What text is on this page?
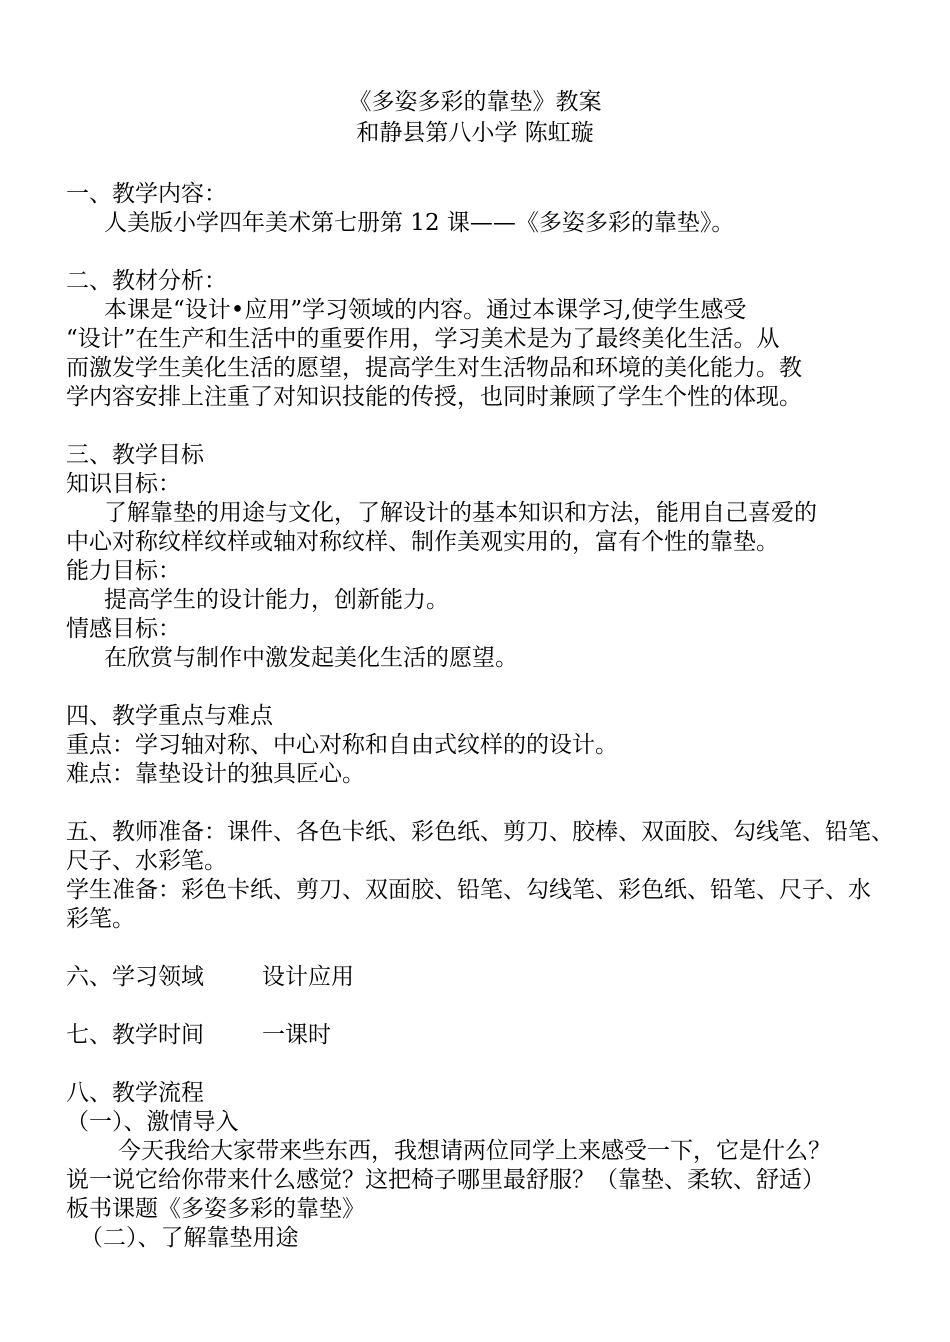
《多姿多彩的靠垫》教案
和静县第八小学 陈虹璇
一、教学内容：
人美版小学四年美术第七册第 12 课——《多姿多彩的靠垫》。
二、教材分析：
本课是“设计•应用”学习领域的内容。通过本课学习,使学生感受
“设计”在生产和生活中的重要作用，学习美术是为了最终美化生活。从
而激发学生美化生活的愿望，提高学生对生活物品和环境的美化能力。教
学内容安排上注重了对知识技能的传授，也同时兼顾了学生个性的体现。
三、教学目标
知识目标：
了解靠垫的用途与文化，了解设计的基本知识和方法，能用自己喜爱的
中心对称纹样纹样或轴对称纹样、制作美观实用的，富有个性的靠垫。
能力目标：
提高学生的设计能力，创新能力。
情感目标：
在欣赏与制作中激发起美化生活的愿望。
四、教学重点与难点
重点：学习轴对称、中心对称和自由式纹样的的设计。
难点：靠垫设计的独具匠心。
五、教师准备：课件、各色卡纸、彩色纸、剪刀、胶棒、双面胶、勾线笔、铅笔、
尺子、水彩笔。
学生准备：彩色卡纸、剪刀、双面胶、铅笔、勾线笔、彩色纸、铅笔、尺子、水
彩笔。
六、学习领域	设计应用
七、教学时间	一课时
八、教学流程
（一）、激情导入
今天我给大家带来些东西，我想请两位同学上来感受一下，它是什么？
说一说它给你带来什么感觉？这把椅子哪里最舒服？（靠垫、柔软、舒适）
板书课题《多姿多彩的靠垫》
（二）、了解靠垫用途
